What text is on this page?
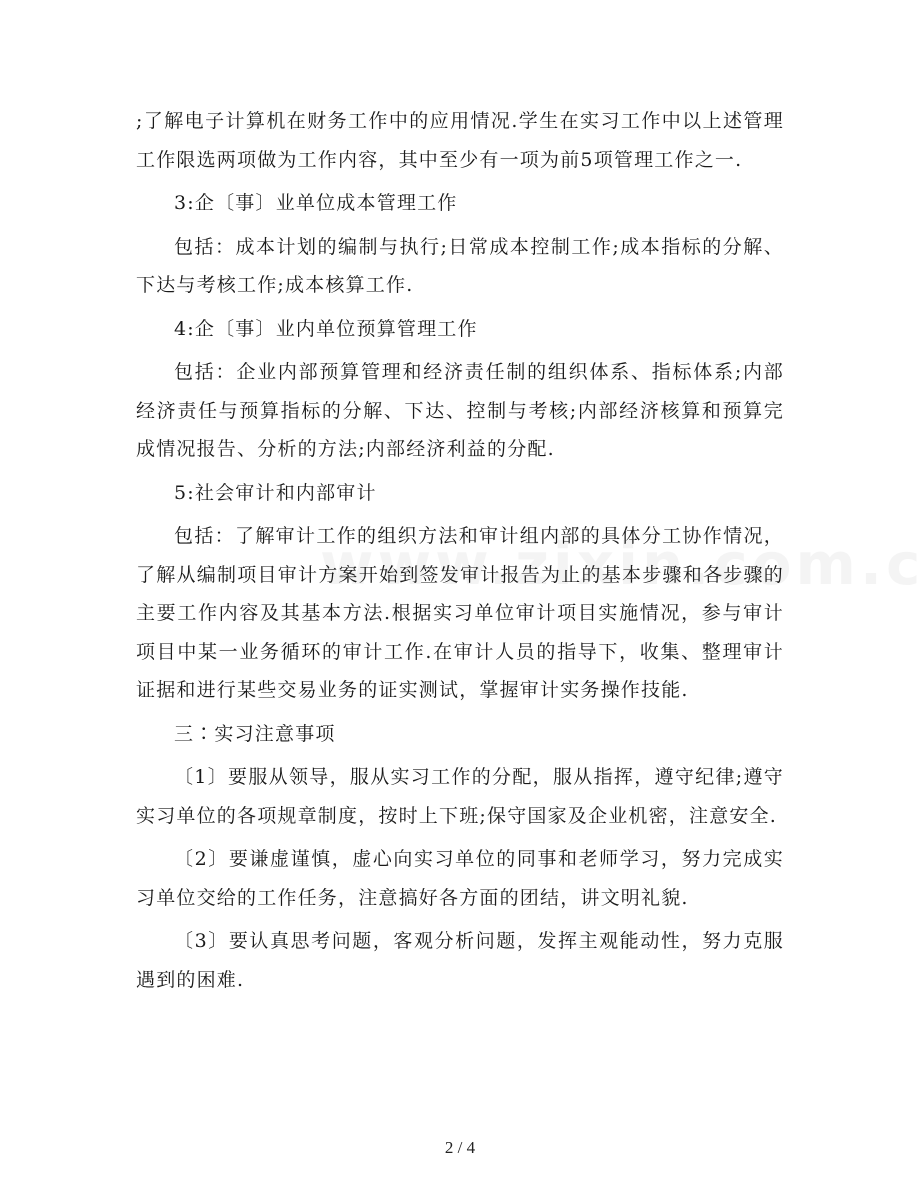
;了解电子计算机在财务工作中的应用情况.学生在实习工作中以上述管理工作限选两项做为工作内容，其中至少有一项为前5项管理工作之一.

3:企〔事〕业单位成本管理工作

包括：成本计划的编制与执行;日常成本控制工作;成本指标的分解、下达与考核工作;成本核算工作.

4:企〔事〕业内单位预算管理工作

包括：企业内部预算管理和经济责任制的组织体系、指标体系;内部经济责任与预算指标的分解、下达、控制与考核;内部经济核算和预算完成情况报告、分析的方法;内部经济利益的分配.

5:社会审计和内部审计

包括：了解审计工作的组织方法和审计组内部的具体分工协作情况，了解从编制项目审计方案开始到签发审计报告为止的基本步骤和各步骤的主要工作内容及其基本方法.根据实习单位审计项目实施情况，参与审计项目中某一业务循环的审计工作.在审计人员的指导下，收集、整理审计证据和进行某些交易业务的证实测试，掌握审计实务操作技能.

三∶实习注意事项

〔1〕要服从领导，服从实习工作的分配，服从指挥，遵守纪律;遵守实习单位的各项规章制度，按时上下班;保守国家及企业机密，注意安全.

〔2〕要谦虚谨慎，虚心向实习单位的同事和老师学习，努力完成实习单位交给的工作任务，注意搞好各方面的团结，讲文明礼貌.

〔3〕要认真思考问题，客观分析问题，发挥主观能动性，努力克服遇到的困难.

2 / 4
